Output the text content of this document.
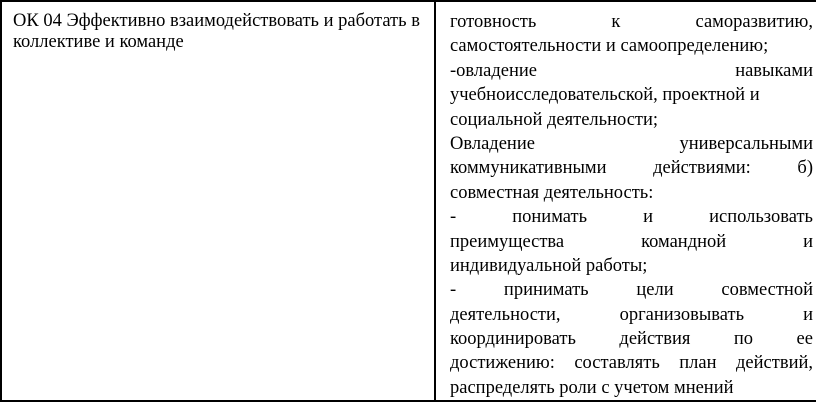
ОК 04 Эффективно взаимодействовать и работать в коллективе и команде

готовность	к	саморазвитию,
самостоятельности и самоопределению;
-овладение	навыками
учебноисследовательской, проектной и
социальной деятельности;
Овладение	универсальными
коммуникативными	действиями:	б)
совместная деятельность:
-	понимать	и	использовать
преимущества	командной	и
индивидуальной работы;
-	принимать	цели	совместной
деятельности,	организовывать	и
координировать действия по ее
достижению: составлять план действий,
распределять роли с учетом мнений
